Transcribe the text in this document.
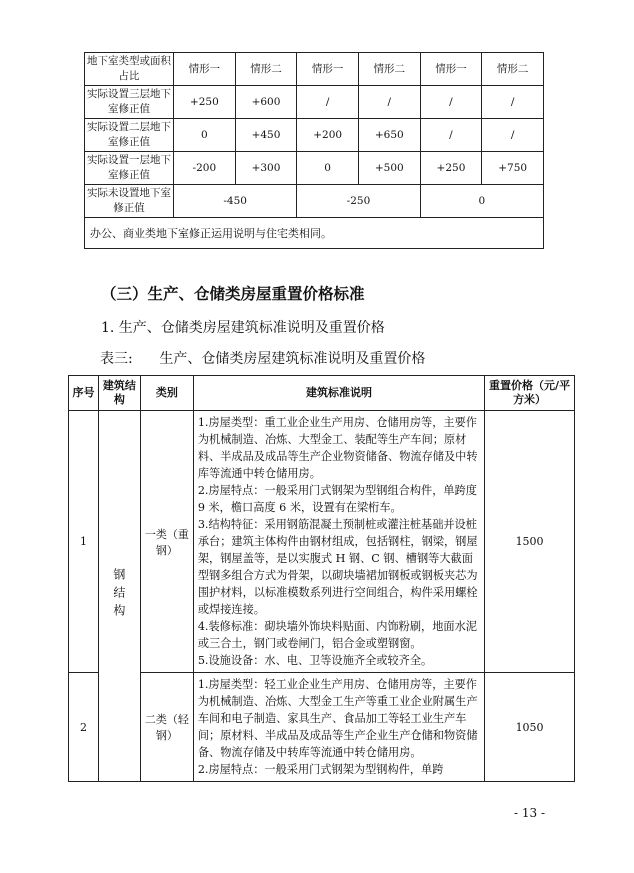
地下室类型或面积占比	情形一	情形二	情形一	情形二	情形一	情形二
实际设置三层地下室修正值	+250	+600	/	/	/	/
实际设置二层地下室修正值	0	+450	+200	+650	/	/
实际设置一层地下室修正值	-200	+300	0	+500	+250	+750
实际未设置地下室修正值	-450		-250		0	
办公、商业类地下室修正运用说明与住宅类相同。						
（三）生产、仓储类房屋重置价格标准
1. 生产、仓储类房屋建筑标准说明及重置价格
表三:      生产、仓储类房屋建筑标准说明及重置价格
序号	建筑结构	类别	建筑标准说明	重置价格（元/平方米）
1	钢结构	一类（重钢）	1.房屋类型：重工业企业生产用房、仓储用房等，主要作为机械制造、冶炼、大型金工、装配等生产车间；原材料、半成品及成品等生产企业物资储备、物流存储及中转库等流通中转仓储用房。
2.房屋特点：一般采用门式钢架为型钢组合构件，单跨度 9 米，檐口高度 6 米，设置有在梁桁车。
3.结构特征：采用钢筋混凝土预制桩或灌注桩基础并设桩承台；建筑主体构件由钢材组成，包括钢柱，钢梁，钢屋架，钢屋盖等，是以实腹式 H 钢、C 钢、槽钢等大截面型钢多组合方式为骨架，以砌块墙裙加钢板或钢板夹芯为围护材料，以标准模数系列进行空间组合，构件采用螺栓或焊接连接。
4.装修标准：砌块墙外饰块料贴面、内饰粉刷，地面水泥或三合土，钢门或卷闸门，铝合金或塑钢窗。
5.设施设备：水、电、卫等设施齐全或较齐全。	1500
2		二类（轻钢）	1.房屋类型：轻工业企业生产用房、仓储用房等，主要作为机械制造、冶炼、大型金工生产等重工业企业附属生产车间和电子制造、家具生产、食品加工等轻工业生产车间；原材料、半成品及成品等生产企业生产仓储和物资储备、物流存储及中转库等流通中转仓储用房。
2.房屋特点：一般采用门式钢架为型钢构件，单跨	1050
- 13 -
